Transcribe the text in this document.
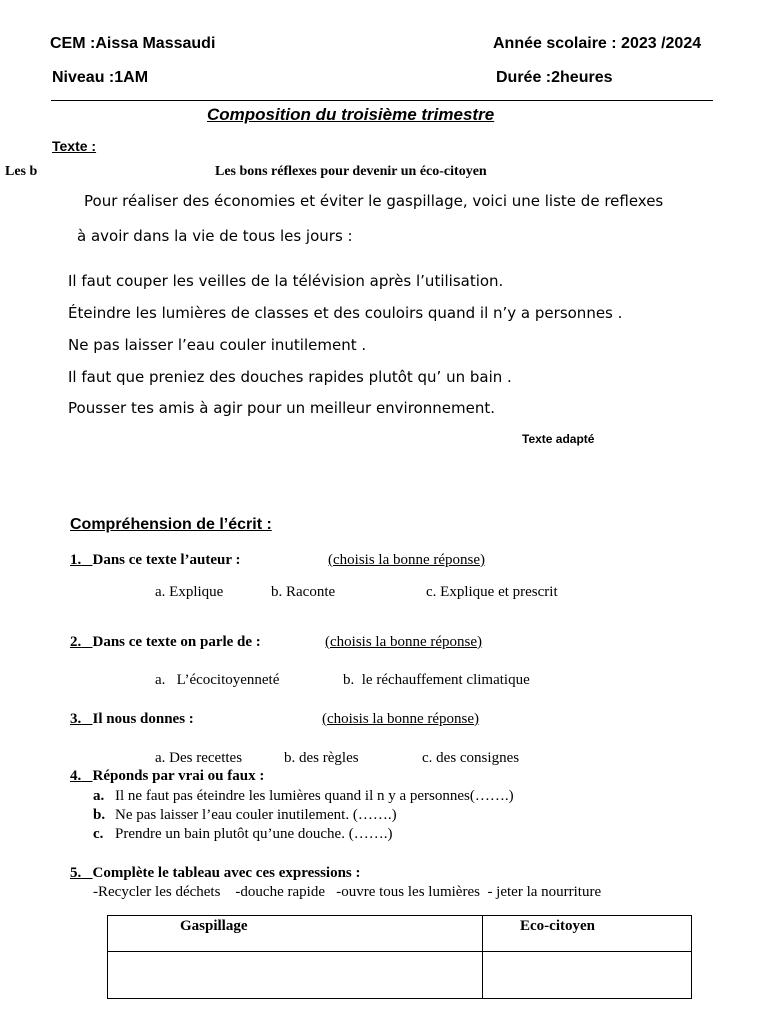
CEM :Aissa Massaudi	Année scolaire : 2023 /2024
Niveau :1AM	Durée :2heures
Composition du troisième trimestre
Texte :
Les b	Les bons réflexes pour devenir un éco-citoyen
Pour réaliser des économies et éviter le gaspillage, voici une liste de reflexes
à avoir dans la vie de tous les jours :
Il faut couper les veilles de la télévision après l’utilisation.
Éteindre les lumières de classes et des couloirs quand il n’y a personnes .
Ne pas laisser l’eau couler inutilement .
Il faut que preniez des douches rapides plutôt qu’ un bain .
Pousser tes amis à agir pour un meilleur environnement.
Texte adapté
Compréhension de l’écrit :
1. Dans ce texte l’auteur :	(choisis la bonne réponse)
a. Explique	b. Raconte	c. Explique et prescrit
2. Dans ce texte on parle de :	(choisis la bonne réponse)
a.   L’écocitoyenneté	b.  le réchauffement climatique
3. Il nous donnes :	(choisis la bonne réponse)
a. Des recettes	b. des règles	c. des consignes
4. Réponds par vrai ou faux :
a. Il ne faut pas éteindre les lumières quand il n y a personnes(…….)
b. Ne pas laisser l’eau couler inutilement. (…….)
c. Prendre un bain plutôt qu’une douche. (…….)
5. Complète le tableau avec ces expressions :
-Recycler les déchets    -douche rapide   -ouvre tous les lumières  - jeter la nourriture
Gaspillage	Eco-citoyen
